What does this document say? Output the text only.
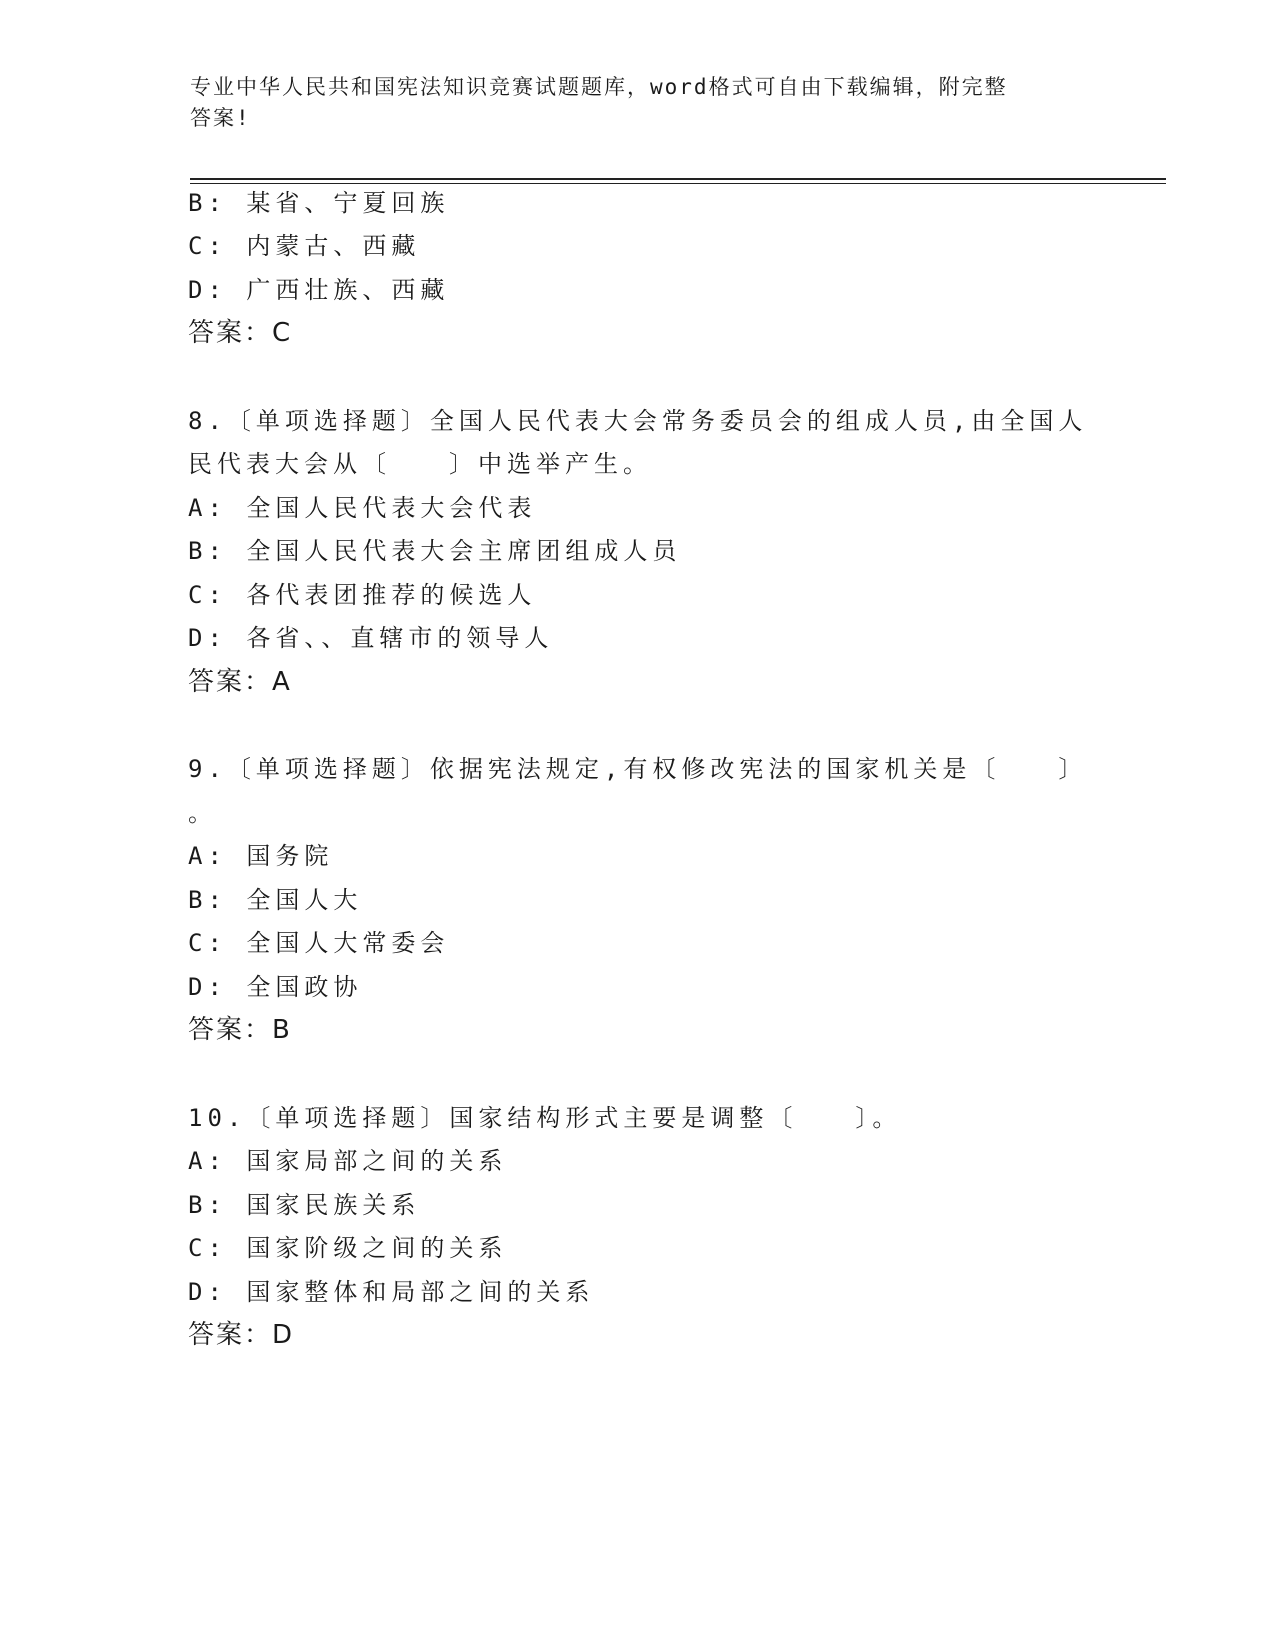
专业中华人民共和国宪法知识竞赛试题题库，word格式可自由下载编辑，附完整
答案!
B: 某省、宁夏回族
C: 内蒙古、西藏
D: 广西壮族、西藏
答案：C
8.〔单项选择题〕全国人民代表大会常务委员会的组成人员,由全国人
民代表大会从〔　　〕中选举产生。
A: 全国人民代表大会代表
B: 全国人民代表大会主席团组成人员
C: 各代表团推荐的候选人
D: 各省、、直辖市的领导人
答案：A
9.〔单项选择题〕依据宪法规定,有权修改宪法的国家机关是〔　　〕
。
A: 国务院
B: 全国人大
C: 全国人大常委会
D: 全国政协
答案：B
10.〔单项选择题〕国家结构形式主要是调整〔　　〕。
A: 国家局部之间的关系
B: 国家民族关系
C: 国家阶级之间的关系
D: 国家整体和局部之间的关系
答案：D
